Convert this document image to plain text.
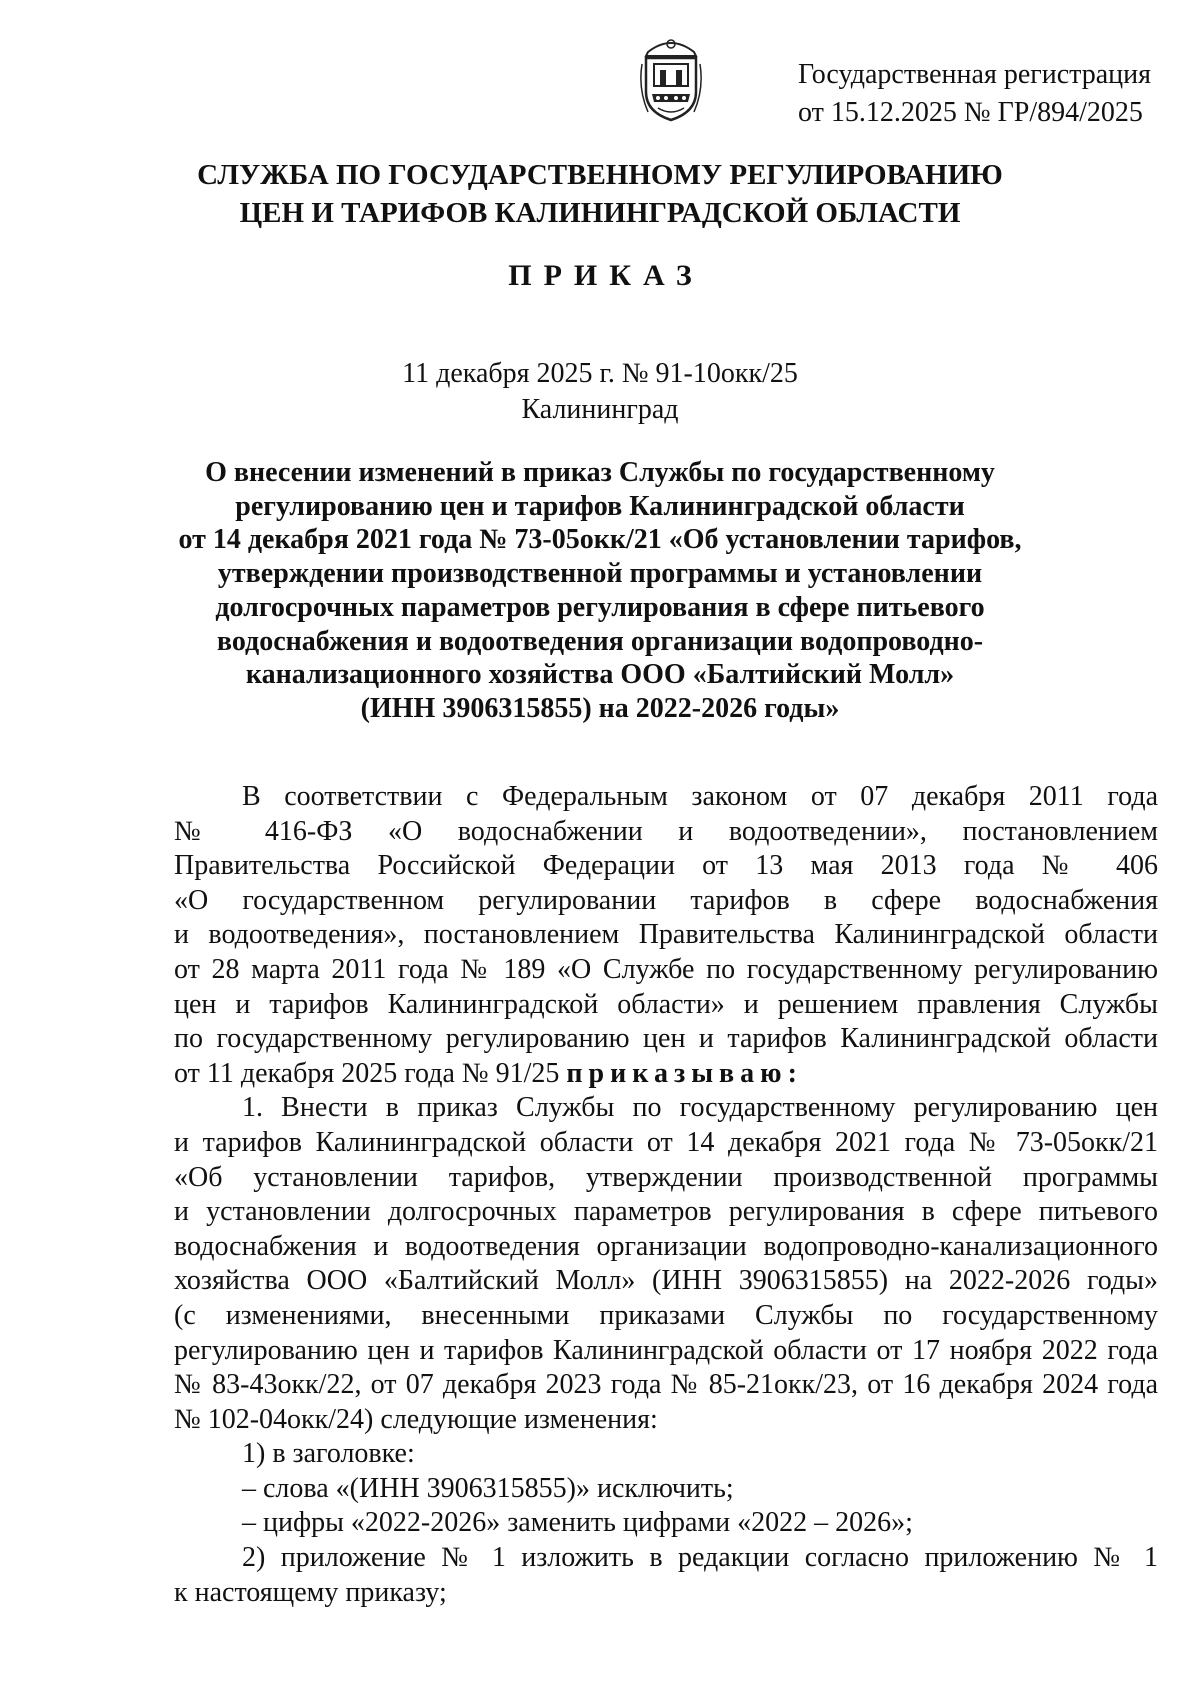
Государственная регистрация
от 15.12.2025 № ГР/894/2025
СЛУЖБА ПО ГОСУДАРСТВЕННОМУ РЕГУЛИРОВАНИЮ
ЦЕН И ТАРИФОВ КАЛИНИНГРАДСКОЙ ОБЛАСТИ
ПРИКАЗ
11 декабря 2025 г. № 91-10окк/25
Калининград
О внесении изменений в приказ Службы по государственному
регулированию цен и тарифов Калининградской области
от 14 декабря 2021 года № 73-05окк/21 «Об установлении тарифов,
утверждении производственной программы и установлении
долгосрочных параметров регулирования в сфере питьевого
водоснабжения и водоотведения организации водопроводно-
канализационного хозяйства ООО «Балтийский Молл»
(ИНН 3906315855) на 2022-2026 годы»
В соответствии с Федеральным законом от 07 декабря 2011 года
№ 416-ФЗ «О водоснабжении и водоотведении», постановлением
Правительства Российской Федерации от 13 мая 2013 года № 406
«О государственном регулировании тарифов в сфере водоснабжения
и водоотведения», постановлением Правительства Калининградской области
от 28 марта 2011 года № 189 «О Службе по государственному регулированию
цен и тарифов Калининградской области» и решением правления Службы
по государственному регулированию цен и тарифов Калининградской области
от 11 декабря 2025 года № 91/25 приказываю:
1. Внести в приказ Службы по государственному регулированию цен
и тарифов Калининградской области от 14 декабря 2021 года № 73-05окк/21
«Об установлении тарифов, утверждении производственной программы
и установлении долгосрочных параметров регулирования в сфере питьевого
водоснабжения и водоотведения организации водопроводно-канализационного
хозяйства ООО «Балтийский Молл» (ИНН 3906315855) на 2022-2026 годы»
(с изменениями, внесенными приказами Службы по государственному
регулированию цен и тарифов Калининградской области от 17 ноября 2022 года
№ 83-43окк/22, от 07 декабря 2023 года № 85-21окк/23, от 16 декабря 2024 года
№ 102-04окк/24) следующие изменения:
1) в заголовке:
– слова «(ИНН 3906315855)» исключить;
– цифры «2022-2026» заменить цифрами «2022 – 2026»;
2) приложение № 1 изложить в редакции согласно приложению № 1
к настоящему приказу;
